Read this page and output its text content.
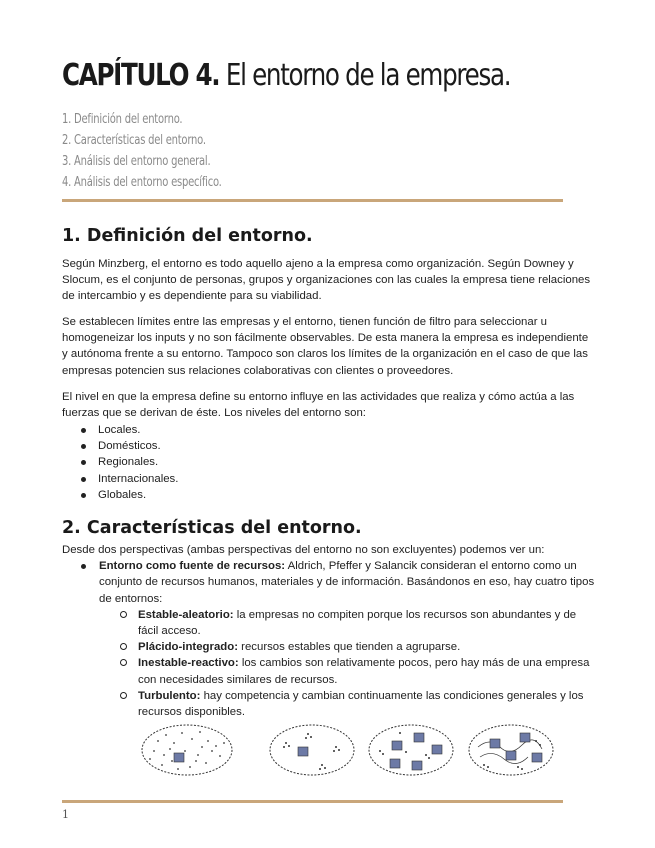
CAPÍTULO 4. El entorno de la empresa.
1. Definición del entorno.
2. Características del entorno.
3. Análisis del entorno general.
4. Análisis del entorno específico.
1. Definición del entorno.

Según Minzberg, el entorno es todo aquello ajeno a la empresa como organización. Según Downey y Slocum, es el conjunto de personas, grupos y organizaciones con las cuales la empresa tiene relaciones de intercambio y es dependiente para su viabilidad.

Se establecen límites entre las empresas y el entorno, tienen función de filtro para seleccionar u homogeneizar los inputs y no son fácilmente observables. De esta manera la empresa es independiente y autónoma frente a su entorno. Tampoco son claros los límites de la organización en el caso de que las empresas potencien sus relaciones colaborativas con clientes o proveedores.

El nivel en que la empresa define su entorno influye en las actividades que realiza y cómo actúa a las fuerzas que se derivan de éste. Los niveles del entorno son:

Locales.
Domésticos.
Regionales.
Internacionales.
Globales.
2. Características del entorno.

Desde dos perspectivas (ambas perspectivas del entorno no son excluyentes) podemos ver un:

Entorno como fuente de recursos: Aldrich, Pfeffer y Salancik consideran el entorno como un conjunto de recursos humanos, materiales y de información. Basándonos en eso, hay cuatro tipos de entornos:

Estable-aleatorio: la empresas no compiten porque los recursos son abundantes y de fácil acceso.
Plácido-integrado: recursos estables que tienden a agruparse.
Inestable-reactivo: los cambios son relativamente pocos, pero hay más de una empresa con necesidades similares de recursos.
Turbulento: hay competencia y cambian continuamente las condiciones generales y los recursos disponibles.
1
